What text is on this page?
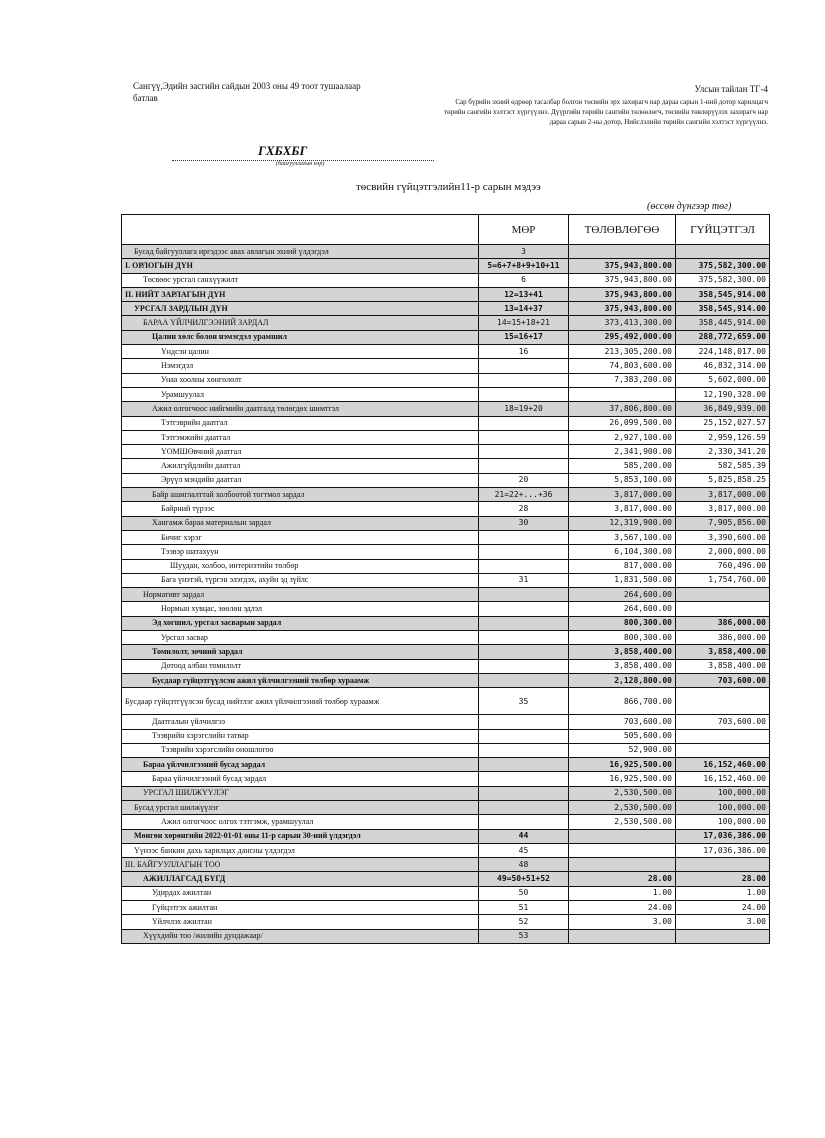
Сангүү,Эдийн засгийн сайдын 2003 оны 49 тоот тушаалаар
батлав
Улсын тайлан ТГ-4
Сар бүрийн эхний өдрөөр тасалбар болгон төсвийн эрх захирагч нар дараа сарын 1-ний дотор харилцагч төрийн сангийн хэлтэст хүргүүлнэ. Дүүргийн төрийн сангийн төлөөлөгч, төсвийн төвлөрүүлэх захирагч нар дараа сарын 2-ны дотор, Нийслэлийн төрийн сангийн хэлтэст хүргүүлнэ.
ГХБХБГ
(байгууллагын нэр)
төсвийн гүйцэтгэлийн11-р сарын мэдээ
(өссөн дүнгээр төг)
	МӨР	ТӨЛӨВЛӨГӨӨ	ГҮЙЦЭТГЭЛ
Бусад байгууллага иргэдээс авах авлагын эхний үлдэгдэл	3		
I. ОРЛОГЫН ДҮН	5=6+7+8+9+10+11	375,943,800.00	375,582,300.00
Төсвөөс урсгал санхүүжилт	6	375,943,800.00	375,582,300.00
II. НИЙТ ЗАРЛАГЫН ДҮН	12=13+41	375,943,800.00	358,545,914.00
УРСГАЛ ЗАРДЛЫН ДҮН	13=14+37	375,943,800.00	358,545,914.00
БАРАА ҮЙЛЧИЛГЭЭНИЙ ЗАРДАЛ	14=15+18+21	373,413,300.00	358,445,914.00
Цалин хөлс болон нэмэгдэл урамшил	15=16+17	295,492,000.00	288,772,659.00
Үндсэн цалин	16	213,305,200.00	224,148,017.00
Нэмэгдэл		74,803,600.00	46,832,314.00
Унаа хоолны хөнгөлөлт		7,383,200.00	5,602,000.00
Урамшуулал			12,190,328.00
Ажил олгогчоос нийгмийн даатгалд төлөгдөх шимтгэл	18=19+20	37,806,800.00	36,849,939.00
Тэтгэврийн даатгал		26,099,500.00	25,152,027.57
Тэтгэмжийн даатгал		2,927,100.00	2,959,126.59
ҮОМШӨвчний даатгал		2,341,900.00	2,330,341.20
Ажилгүйдлийн даатгал		585,200.00	582,585.39
Эрүүл мэндийн даатгал	20	5,853,100.00	5,825,858.25
Байр ашиглалттай холбоотой тогтмол зардал	21=22+...+36	3,817,000.00	3,817,000.00
Байрний түрээс	28	3,817,000.00	3,817,000.00
Хангамж бараа материалын зардал	30	12,319,900.00	7,905,856.00
Бичиг хэрэг		3,567,100.00	3,390,600.00
Тээвэр шатахуун		6,104,300.00	2,000,000.00
Шуудан, холбоо, интернэтийн төлбөр		817,000.00	760,496.00
Бага үнэтэй, түргэн элэгдэх, ахуйн эд зүйлс	31	1,831,500.00	1,754,760.00
Нормативт зардал		264,600.00	
Нормын хувцас, зөөлөн эдлэл		264,600.00	
Эд хогшил, урсгал засварын зардал		800,300.00	386,000.00
Урсгал засвар		800,300.00	386,000.00
Томилолт, зочний зардал		3,858,400.00	3,858,400.00
Дотоод албан томилолт		3,858,400.00	3,858,400.00
Бусдаар гүйцэтгүүлсэн ажил үйлчилгээний төлбөр хураамж		2,128,800.00	703,600.00
Бусдаар гүйцэтгүүлсэн бусад нийтлэг ажил үйлчилгээний төлбөр хураамж	35	866,700.00	
Даатгалын үйлчилгээ		703,600.00	703,600.00
Тээврийн хэрэгслийн татвар		505,600.00	
Тээврийн хэрэгслийн оношлогоо		52,900.00	
Бараа үйлчилгээний бусад зардал		16,925,500.00	16,152,460.00
Бараа үйлчилгээний бусад зардал		16,925,500.00	16,152,460.00
УРСГАЛ ШИЛЖҮҮЛЭГ		2,530,500.00	100,000.00
Бусад урсгал шилжүүлэг		2,530,500.00	100,000.00
Ажил олгогчоос олгох тэтгэмж, урамшуулал		2,530,500.00	100,000.00
Мөнгөн хөрөнгийн 2022-01-01 оны 11-р сарын 30-ний үлдэгдэл	44		17,036,386.00
Үүнээс банкин дахь харилцах дансны үлдэгдэл	45		17,036,386.00
III. БАЙГУУЛЛАГЫН ТОО	48		
АЖИЛЛАГСАД БҮГД	49=50+51+52	28.00	28.00
Удирдах ажилтан	50	1.00	1.00
Гүйцэтгэх ажилтан	51	24.00	24.00
Үйлчлэх ажилтан	52	3.00	3.00
Хүүхдийн тоо /жилийн дундажаар/	53		
